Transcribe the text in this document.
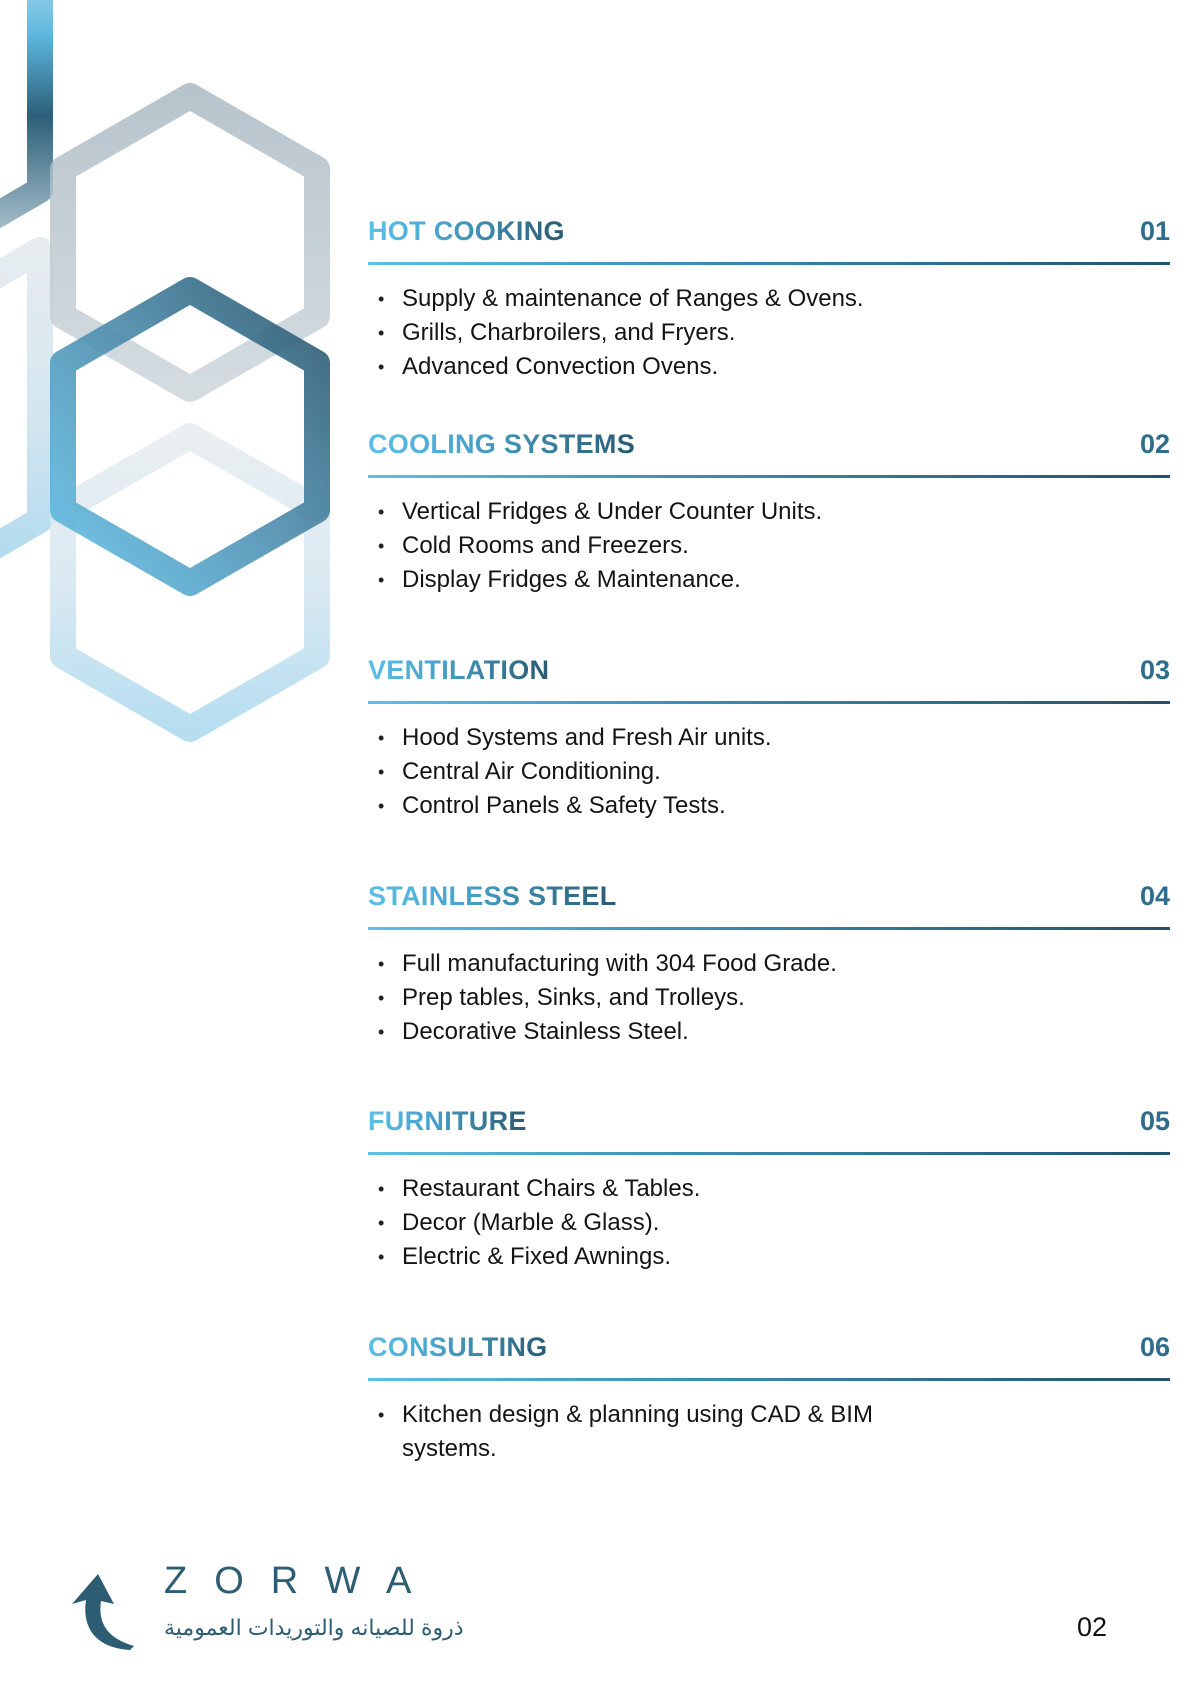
HOT COOKING	01
• Supply & maintenance of Ranges & Ovens.
• Grills, Charbroilers, and Fryers.
• Advanced Convection Ovens.
COOLING SYSTEMS	02
• Vertical Fridges & Under Counter Units.
• Cold Rooms and Freezers.
• Display Fridges & Maintenance.
VENTILATION	03
• Hood Systems and Fresh Air units.
• Central Air Conditioning.
• Control Panels & Safety Tests.
STAINLESS STEEL	04
• Full manufacturing with 304 Food Grade.
• Prep tables, Sinks, and Trolleys.
• Decorative Stainless Steel.
FURNITURE	05
• Restaurant Chairs & Tables.
• Decor (Marble & Glass).
• Electric & Fixed Awnings.
CONSULTING	06
• Kitchen design & planning using CAD & BIM systems.
ZORWA
ذروة للصيانه والتوريدات العمومية	02
